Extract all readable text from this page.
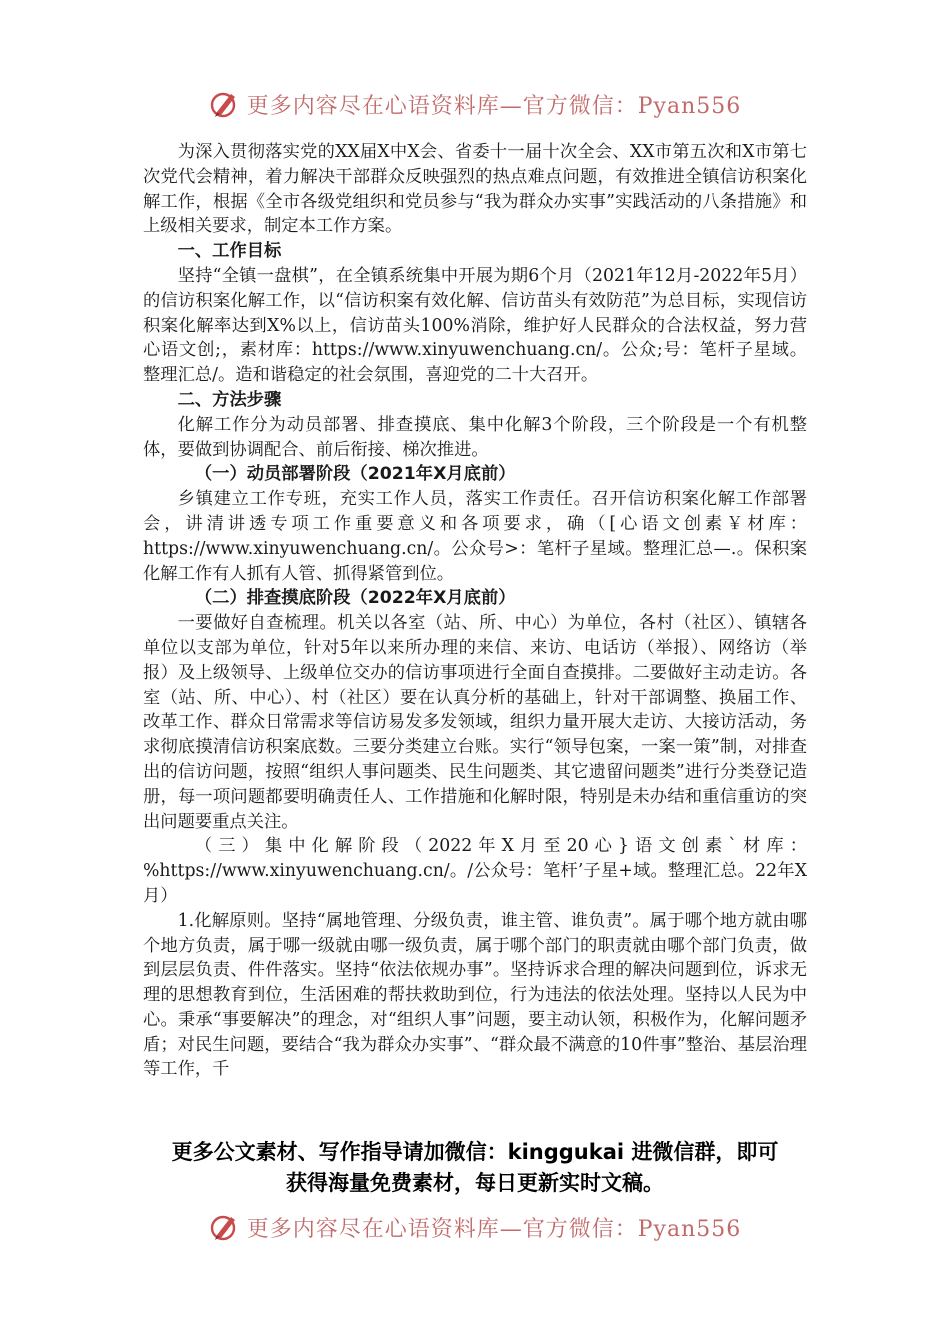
更多内容尽在心语资料库—官方微信：Pyan556

为深入贯彻落实党的XX届X中X会、省委十一届十次全会、XX市第五次和X市第七次党代会精神，着力解决干部群众反映强烈的热点难点问题，有效推进全镇信访积案化解工作，根据《全市各级党组织和党员参与“我为群众办实事”实践活动的八条措施》和上级相关要求，制定本工作方案。

一、工作目标

坚持“全镇一盘棋”，在全镇系统集中开展为期6个月（2021年12月-2022年5月）的信访积案化解工作，以“信访积案有效化解、信访苗头有效防范”为总目标，实现信访积案化解率达到X%以上，信访苗头100%消除，维护好人民群众的合法权益，努力营心语文创;，素材库：https://www.xinyuwenchuang.cn/。公众;号：笔杆子星域。整理汇总/。造和谐稳定的社会氛围，喜迎党的二十大召开。

二、方法步骤

化解工作分为动员部署、排查摸底、集中化解3个阶段，三个阶段是一个有机整体，要做到协调配合、前后衔接、梯次推进。

（一）动员部署阶段（2021年X月底前）

乡镇建立工作专班，充实工作人员，落实工作责任。召开信访积案化解工作部署会，讲清讲透专项工作重要意义和各项要求，确（[心语文创素￥材库：https://www.xinyuwenchuang.cn/。公众号>：笔杆子星域。整理汇总—.。保积案化解工作有人抓有人管、抓得紧管到位。

（二）排查摸底阶段（2022年X月底前）

一要做好自查梳理。机关以各室（站、所、中心）为单位，各村（社区）、镇辖各单位以支部为单位，针对5年以来所办理的来信、来访、电话访（举报）、网络访（举报）及上级领导、上级单位交办的信访事项进行全面自查摸排。二要做好主动走访。各室（站、所、中心）、村（社区）要在认真分析的基础上，针对干部调整、换届工作、改革工作、群众日常需求等信访易发多发领域，组织力量开展大走访、大接访活动，务求彻底摸清信访积案底数。三要分类建立台账。实行“领导包案，一案一策”制，对排查出的信访问题，按照“组织人事问题类、民生问题类、其它遗留问题类”进行分类登记造册，每一项问题都要明确责任人、工作措施和化解时限，特别是未办结和重信重访的突出问题要重点关注。

（三）集中化解阶段（2022年X月至20心}语文创素`材库：%https://www.xinyuwenchuang.cn/。/公众号：笔杆’子星+域。整理汇总。22年X月）

1.化解原则。坚持“属地管理、分级负责，谁主管、谁负责”。属于哪个地方就由哪个地方负责，属于哪一级就由哪一级负责，属于哪个部门的职责就由哪个部门负责，做到层层负责、件件落实。坚持“依法依规办事”。坚持诉求合理的解决问题到位，诉求无理的思想教育到位，生活困难的帮扶救助到位，行为违法的依法处理。坚持以人民为中心。秉承“事要解决”的理念，对“组织人事”问题，要主动认领，积极作为，化解问题矛盾；对民生问题，要结合“我为群众办实事”、“群众最不满意的10件事”整治、基层治理等工作，千

更多公文素材、写作指导请加微信：kinggukai 进微信群，即可
获得海量免费素材，每日更新实时文稿。
更多内容尽在心语资料库—官方微信：Pyan556
